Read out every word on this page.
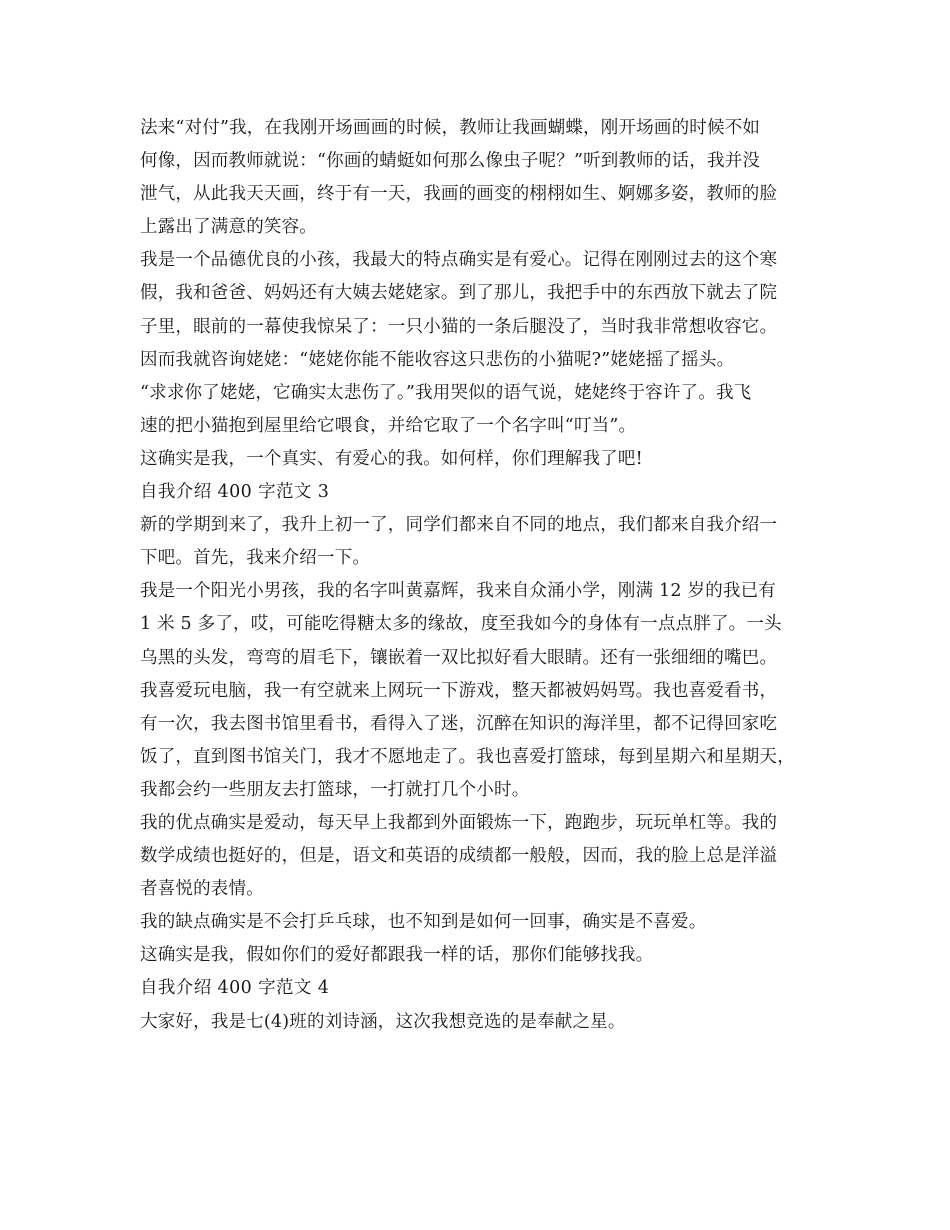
法来“对付”我，在我刚开场画画的时候，教师让我画蝴蝶，刚开场画的时候不如
何像，因而教师就说：“你画的蜻蜓如何那么像虫子呢？”听到教师的话，我并没
泄气，从此我天天画，终于有一天，我画的画变的栩栩如生、婀娜多姿，教师的脸
上露出了满意的笑容。
我是一个品德优良的小孩，我最大的特点确实是有爱心。记得在刚刚过去的这个寒
假，我和爸爸、妈妈还有大姨去姥姥家。到了那儿，我把手中的东西放下就去了院
子里，眼前的一幕使我惊呆了：一只小猫的一条后腿没了，当时我非常想收容它。
因而我就咨询姥姥：“姥姥你能不能收容这只悲伤的小猫呢?”姥姥摇了摇头。
“求求你了姥姥，它确实太悲伤了。”我用哭似的语气说，姥姥终于容许了。我飞
速的把小猫抱到屋里给它喂食，并给它取了一个名字叫“叮当”。
这确实是我，一个真实、有爱心的我。如何样，你们理解我了吧!
自我介绍 400 字范文 3
新的学期到来了，我升上初一了，同学们都来自不同的地点，我们都来自我介绍一
下吧。首先，我来介绍一下。
我是一个阳光小男孩，我的名字叫黄嘉辉，我来自众涌小学，刚满 12 岁的我已有
1 米 5 多了，哎，可能吃得糖太多的缘故，度至我如今的身体有一点点胖了。一头
乌黑的头发，弯弯的眉毛下，镶嵌着一双比拟好看大眼睛。还有一张细细的嘴巴。
我喜爱玩电脑，我一有空就来上网玩一下游戏，整天都被妈妈骂。我也喜爱看书，
有一次，我去图书馆里看书，看得入了迷，沉醉在知识的海洋里，都不记得回家吃
饭了，直到图书馆关门，我才不愿地走了。我也喜爱打篮球，每到星期六和星期天，
我都会约一些朋友去打篮球，一打就打几个小时。
我的优点确实是爱动，每天早上我都到外面锻炼一下，跑跑步，玩玩单杠等。我的
数学成绩也挺好的，但是，语文和英语的成绩都一般般，因而，我的脸上总是洋溢
者喜悦的表情。
我的缺点确实是不会打乒乓球，也不知到是如何一回事，确实是不喜爱。
这确实是我，假如你们的爱好都跟我一样的话，那你们能够找我。
自我介绍 400 字范文 4
大家好，我是七(4)班的刘诗涵，这次我想竞选的是奉献之星。
